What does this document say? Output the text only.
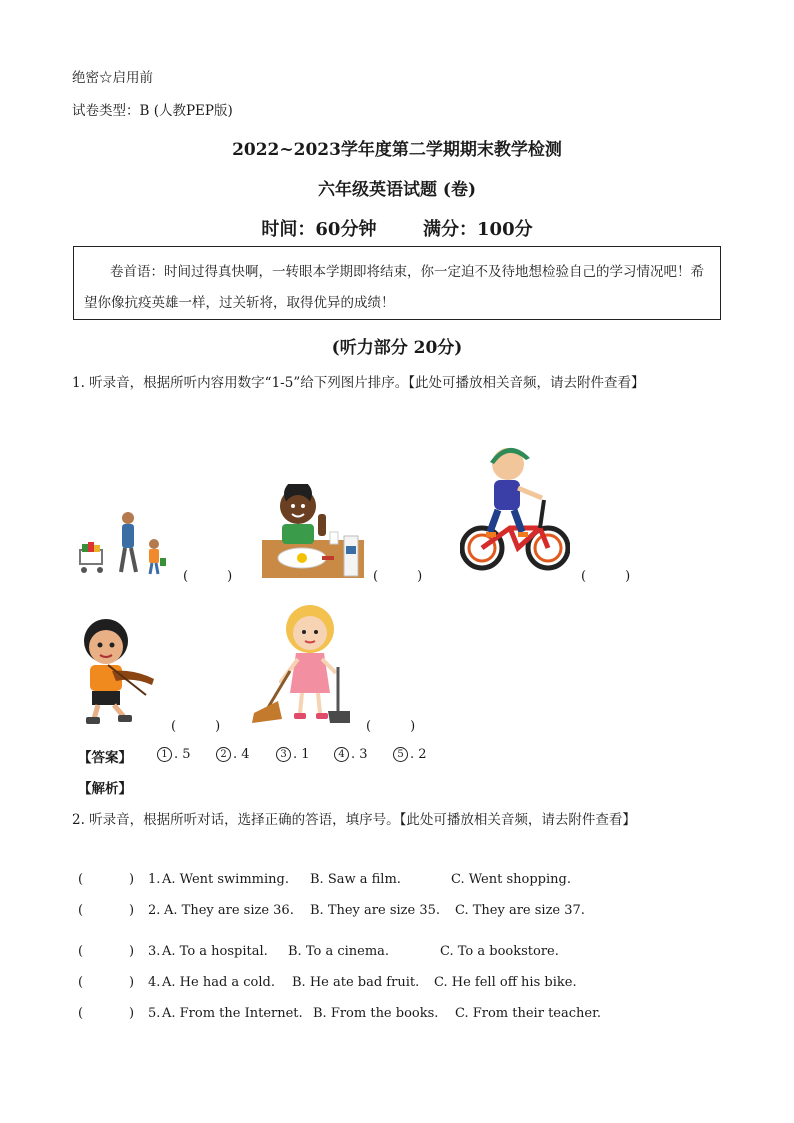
绝密☆启用前
试卷类型：B (人教PEP版)
2022~2023学年度第二学期期末教学检测
六年级英语试题 (卷)
时间：60分钟	满分：100分
卷首语：时间过得真快啊，一转眼本学期即将结束，你一定迫不及待地想检验自己的学习情况吧！希望你像抗疫英雄一样，过关斩将，取得优异的成绩！
(听力部分 20分)
1. 听录音，根据所听内容用数字“1-5”给下列图片排序。【此处可播放相关音频，请去附件查看】
(　　　)	(　　　)	(　　　)
(　　　)	(　　　)
【答案】	1 . 5	2 . 4	3 . 1	4 . 3	5 . 2
【解析】
2. 听录音，根据所听对话，选择正确的答语，填序号。【此处可播放相关音频，请去附件查看】
(	) 1. A. Went swimming. B. Saw a film.	C. Went shopping.
(	) 2. A. They are size 36. B. They are size 35. C. They are size 37.
(	) 3. A. To a hospital. B. To a cinema.	C. To a bookstore.
(	) 4. A. He had a cold. B. He ate bad fruit. C. He fell off his bike.
(	) 5. A. From the Internet. B. From the books. C. From their teacher.
